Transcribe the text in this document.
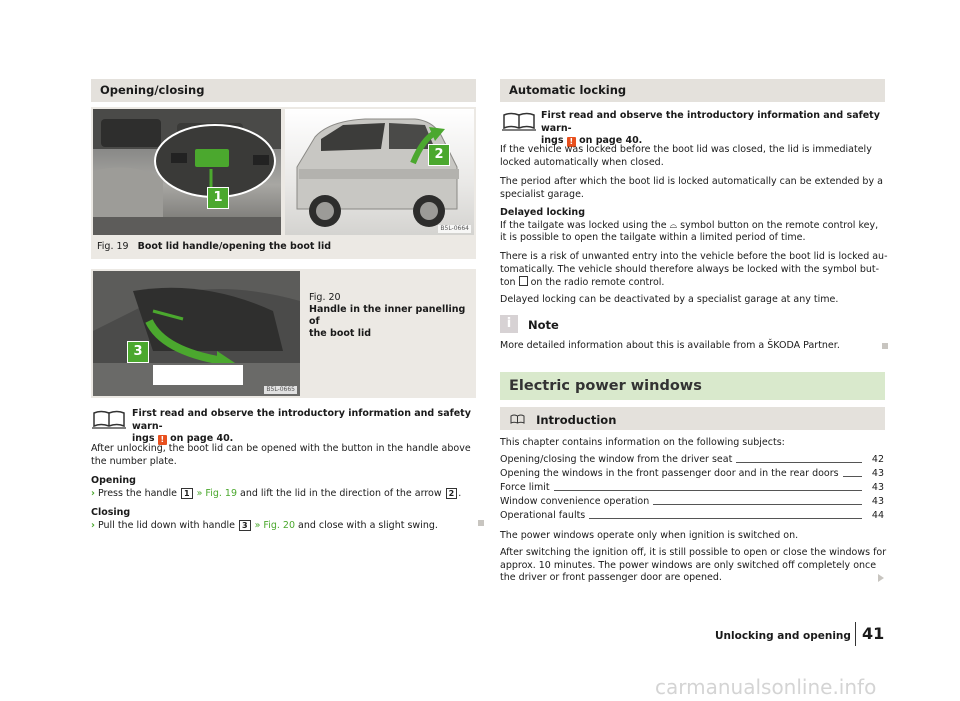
Opening/closing
1
2
B5L-0664
Fig. 19 Boot lid handle/opening the boot lid
3
B5L-0665
Fig. 20
Handle in the inner panelling of
the boot lid
First read and observe the introductory information and safety warn-
ings ! on page 40.
After unlocking, the boot lid can be opened with the button in the handle above
the number plate.
Opening
› Press the handle 1 » Fig. 19 and lift the lid in the direction of the arrow 2 .
Closing
› Pull the lid down with handle 3 » Fig. 20 and close with a slight swing.
Automatic locking
First read and observe the introductory information and safety warn-
ings ! on page 40.
If the vehicle was locked before the boot lid was closed, the lid is immediately
locked automatically when closed.
The period after which the boot lid is locked automatically can be extended by a
specialist garage.
Delayed locking
If the tailgate was locked using the ⌓ symbol button on the remote control key,
it is possible to open the tailgate within a limited period of time.
There is a risk of unwanted entry into the vehicle before the boot lid is locked au-
tomatically. The vehicle should therefore always be locked with the symbol but-
ton  on the radio remote control.
Delayed locking can be deactivated by a specialist garage at any time.
i	Note
More detailed information about this is available from a ŠKODA Partner.
Electric power windows
Introduction
This chapter contains information on the following subjects:
Opening/closing the window from the driver seat	42
Opening the windows in the front passenger door and in the rear doors	43
Force limit	43
Window convenience operation	43
Operational faults	44
The power windows operate only when ignition is switched on.
After switching the ignition off, it is still possible to open or close the windows for
approx. 10 minutes. The power windows are only switched off completely once
the driver or front passenger door are opened.
Unlocking and opening 41
carmanualsonline.info
